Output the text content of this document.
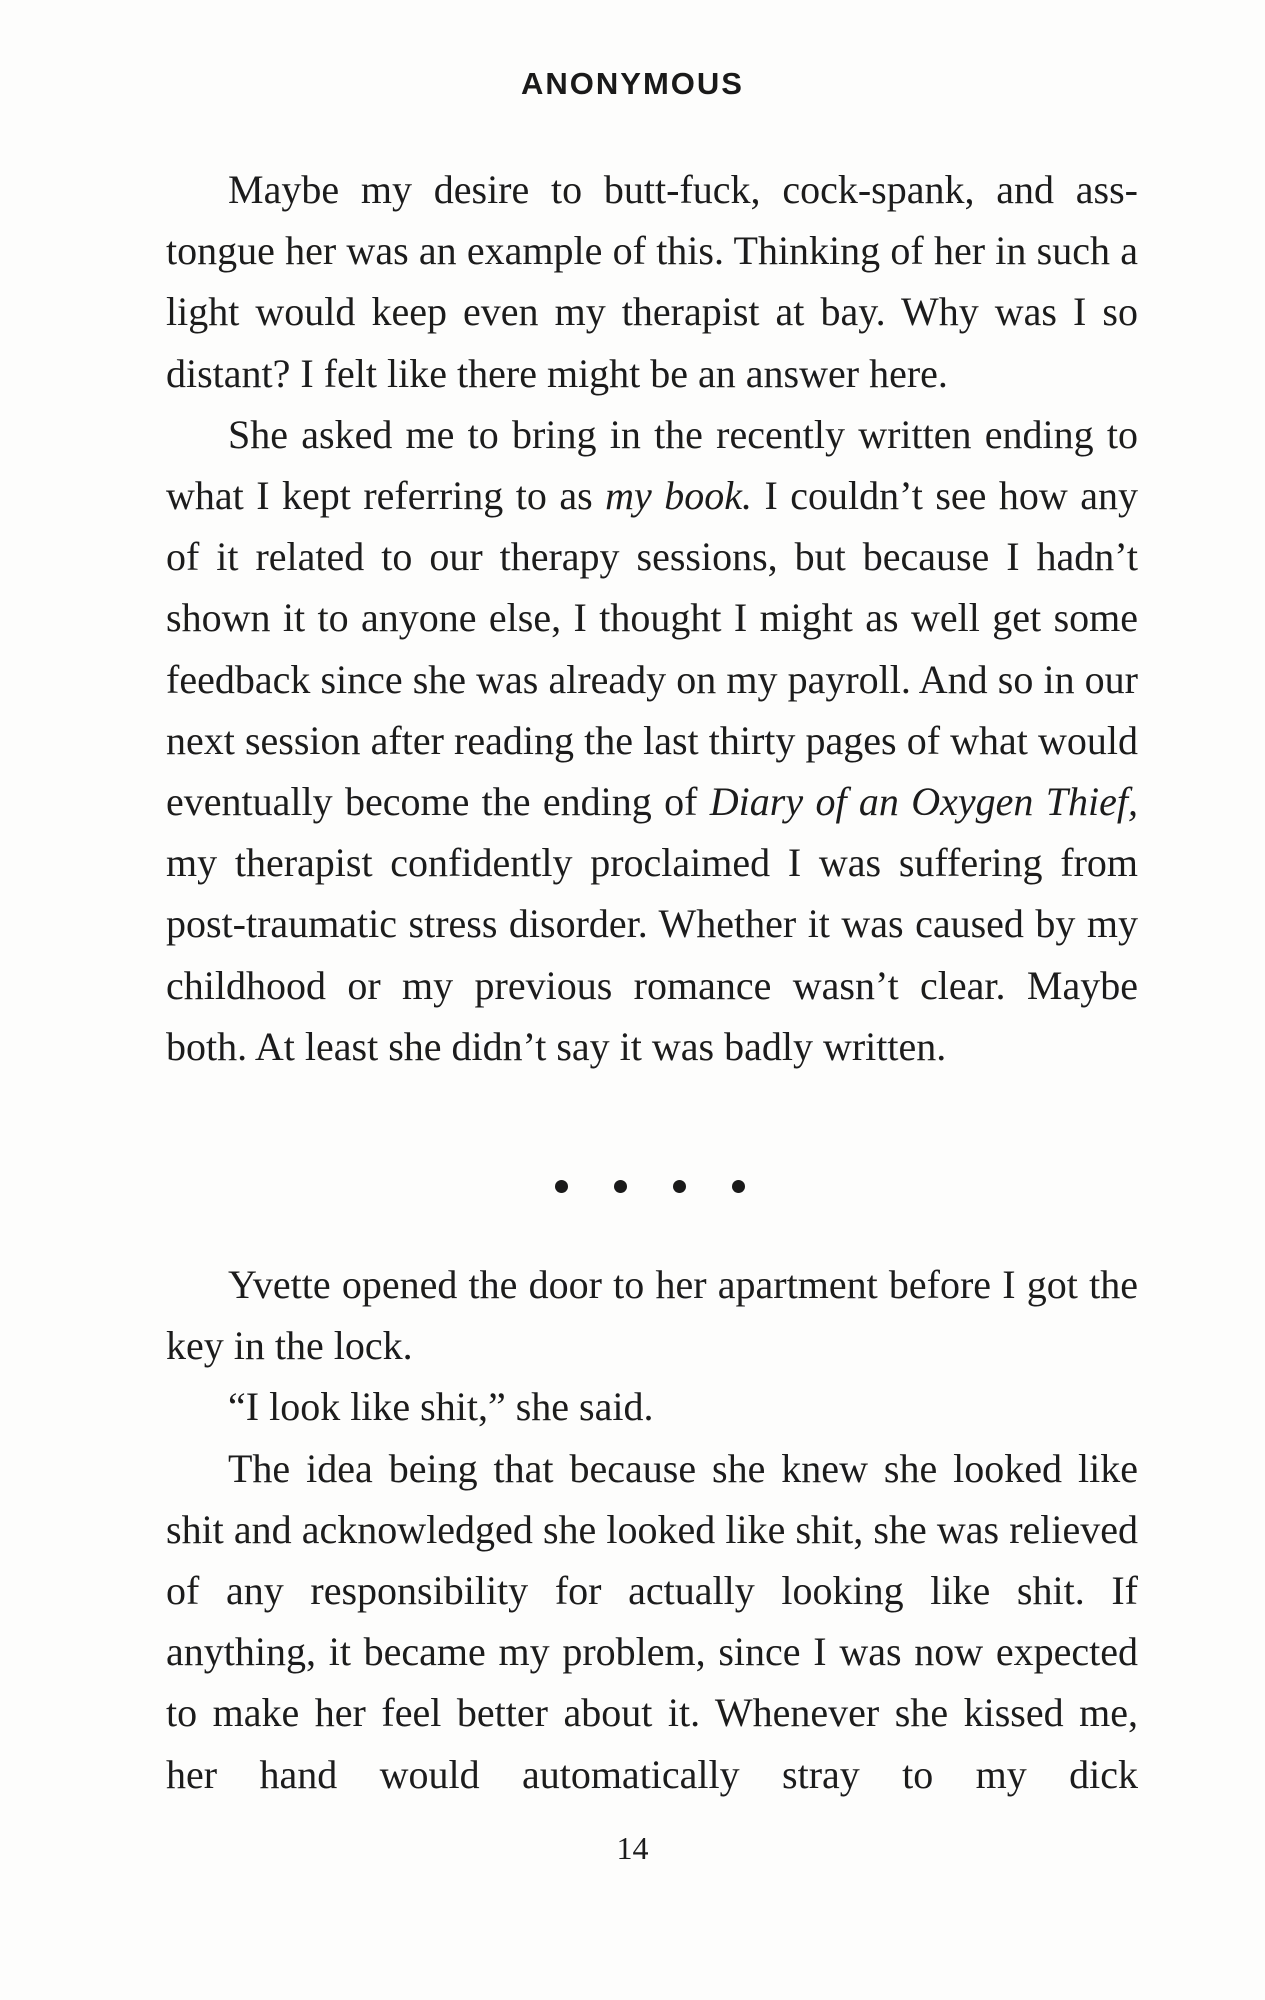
ANONYMOUS

Maybe my desire to butt-fuck, cock-spank, and asstongue her was an example of this. Thinking of her in such a light would keep even my therapist at bay. Why was I so distant? I felt like there might be an answer here.

She asked me to bring in the recently written ending to what I kept referring to as my book. I couldn’t see how any of it related to our therapy sessions, but because I hadn’t shown it to anyone else, I thought I might as well get some feedback since she was already on my payroll. And so in our next session after reading the last thirty pages of what would eventually become the ending of Diary of an Oxygen Thief, my therapist confidently proclaimed I was suffering from post-traumatic stress disorder. Whether it was caused by my childhood or my previous romance wasn’t clear. Maybe both. At least she didn’t say it was badly written.

Yvette opened the door to her apartment before I got the key in the lock.

“I look like shit,” she said.

The idea being that because she knew she looked like shit and acknowledged she looked like shit, she was relieved of any responsibility for actually looking like shit. If anything, it became my problem, since I was now expected to make her feel better about it. Whenever she kissed me, her hand would automatically stray to my dick

14
